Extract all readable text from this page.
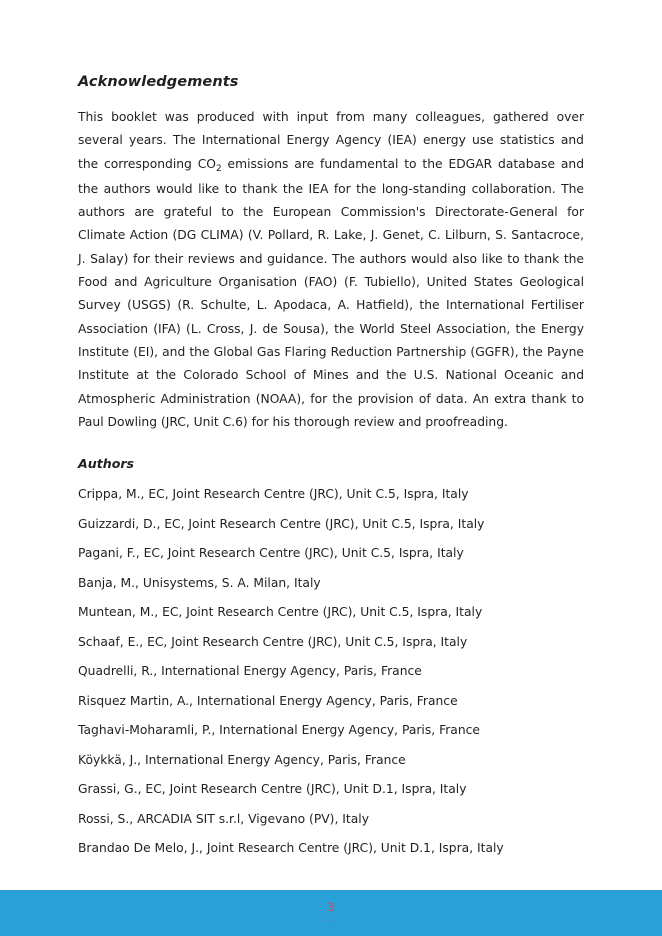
Acknowledgements

This booklet was produced with input from many colleagues, gathered over several years. The International Energy Agency (IEA) energy use statistics and the corresponding $CO_2$ emissions are fundamental to the EDGAR database and the authors would like to thank the IEA for the long-standing collaboration. The authors are grateful to the European Commission's Directorate-General for Climate Action (DG CLIMA) (V. Pollard, R. Lake, J. Genet, C. Lilburn, S. Santacroce, J. Salay) for their reviews and guidance. The authors would also like to thank the Food and Agriculture Organisation (FAO) (F. Tubiello), United States Geological Survey (USGS) (R. Schulte, L. Apodaca, A. Hatfield), the International Fertiliser Association (IFA) (L. Cross, J. de Sousa), the World Steel Association, the Energy Institute (EI), and the Global Gas Flaring Reduction Partnership (GGFR), the Payne Institute at the Colorado School of Mines and the U.S. National Oceanic and Atmospheric Administration (NOAA), for the provision of data. An extra thank to Paul Dowling (JRC, Unit C.6) for his thorough review and proofreading.

Authors
Crippa, M., EC, Joint Research Centre (JRC), Unit C.5, Ispra, Italy
Guizzardi, D., EC, Joint Research Centre (JRC), Unit C.5, Ispra, Italy
Pagani, F., EC, Joint Research Centre (JRC), Unit C.5, Ispra, Italy
Banja, M., Unisystems, S. A. Milan, Italy
Muntean, M., EC, Joint Research Centre (JRC), Unit C.5, Ispra, Italy
Schaaf, E., EC, Joint Research Centre (JRC), Unit C.5, Ispra, Italy
Quadrelli, R., International Energy Agency, Paris, France
Risquez Martin, A., International Energy Agency, Paris, France
Taghavi-Moharamli, P., International Energy Agency, Paris, France
Köykkä, J., International Energy Agency, Paris, France
Grassi, G., EC, Joint Research Centre (JRC), Unit D.1, Ispra, Italy
Rossi, S., ARCADIA SIT s.r.l, Vigevano (PV), Italy
Brandao De Melo, J., Joint Research Centre (JRC), Unit D.1, Ispra, Italy
3
.
